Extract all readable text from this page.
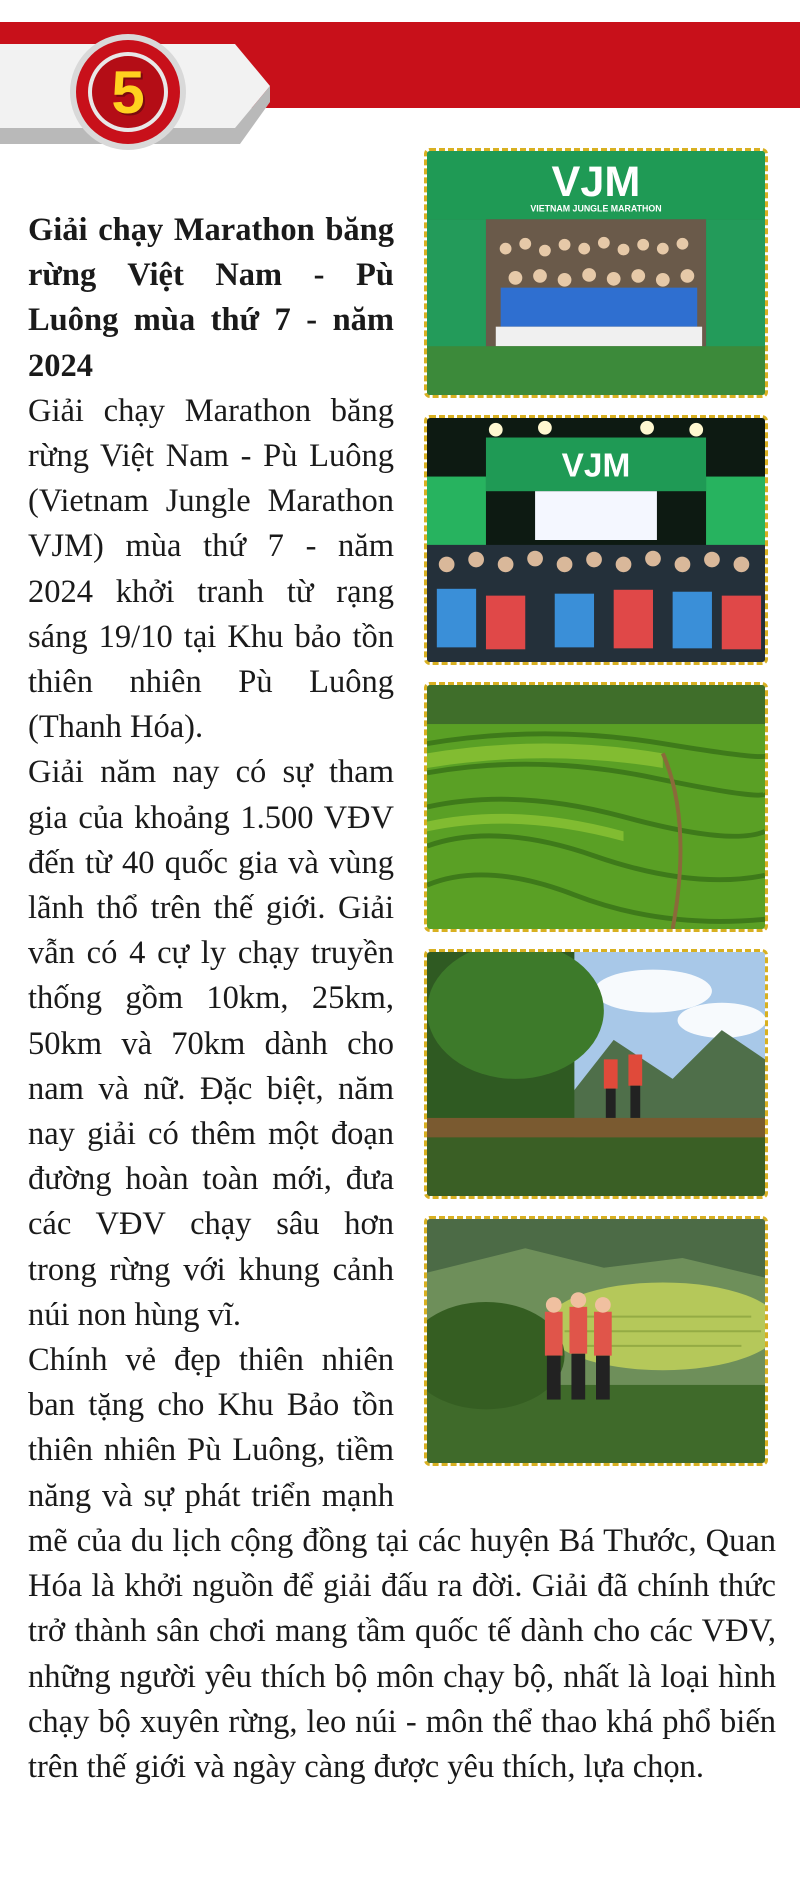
5
VJM
VIETNAM JUNGLE MARATHON
VJM

Giải chạy Marathon băng rừng Việt Nam - Pù Luông mùa thứ 7 - năm 2024

Giải chạy Marathon băng rừng Việt Nam - Pù Luông (Vietnam Jungle Marathon VJM) mùa thứ 7 - năm 2024 khởi tranh từ rạng sáng 19/10 tại Khu bảo tồn thiên nhiên Pù Luông (Thanh Hóa).

Giải năm nay có sự tham gia của khoảng 1.500 VĐV đến từ 40 quốc gia và vùng lãnh thổ trên thế giới. Giải vẫn có 4 cự ly chạy truyền thống gồm 10km, 25km, 50km và 70km dành cho nam và nữ. Đặc biệt, năm nay giải có thêm một đoạn đường hoàn toàn mới, đưa các VĐV chạy sâu hơn trong rừng với khung cảnh núi non hùng vĩ.

Chính vẻ đẹp thiên nhiên ban tặng cho Khu Bảo tồn thiên nhiên Pù Luông, tiềm năng và sự phát triển mạnh mẽ của du lịch cộng đồng tại các huyện Bá Thước, Quan Hóa là khởi nguồn để giải đấu ra đời. Giải đã chính thức trở thành sân chơi mang tầm quốc tế dành cho các VĐV, những người yêu thích bộ môn chạy bộ, nhất là loại hình chạy bộ xuyên rừng, leo núi - môn thể thao khá phổ biến trên thế giới và ngày càng được yêu thích, lựa chọn.
